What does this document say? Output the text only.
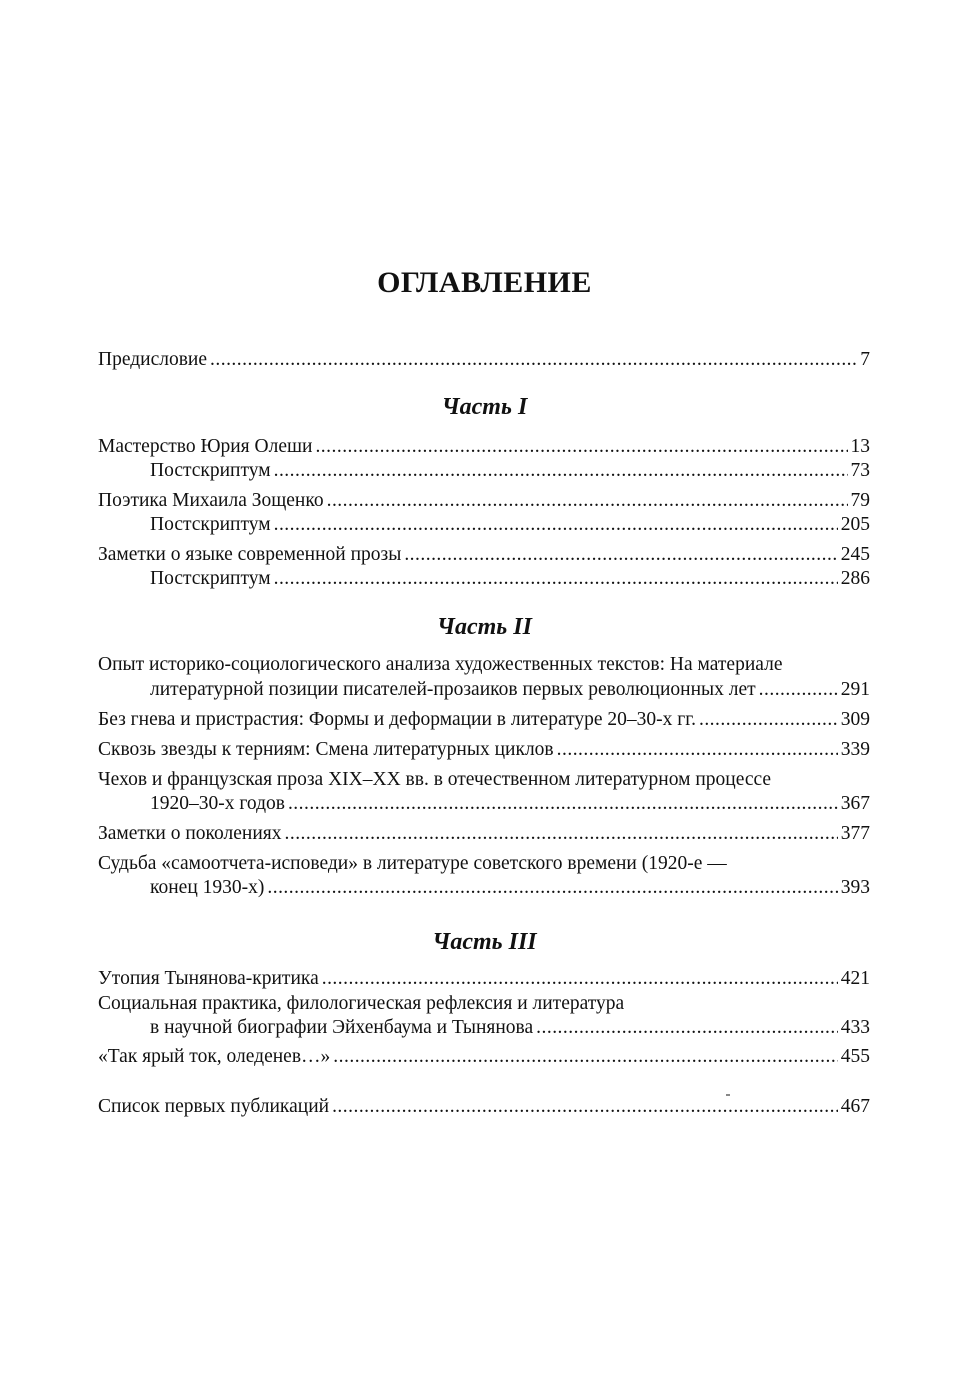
ОГЛАВЛЕНИЕ
Предисловие . . .	7
Часть I
Мастерство Юрия Олеши . . .	13
Постскриптум . . .	73
Поэтика Михаила Зощенко . . .	79
Постскриптум . . .	205
Заметки о языке современной прозы . . .	245
Постскриптум . . .	286
Часть II
Опыт историко-социологического анализа художественных текстов: На материале
литературной позиции писателей-прозаиков первых революционных лет . . .	291
Без гнева и пристрастия: Формы и деформации в литературе 20–30-х гг. . . .	309
Сквозь звезды к терниям: Смена литературных циклов . . .	339
Чехов и французская проза XIX–XX вв. в отечественном литературном процессе
1920–30-х годов . . .	367
Заметки о поколениях . . .	377
Судьба «самоотчета-исповеди» в литературе советского времени (1920-е —
конец 1930-х) . . .	393
Часть III
Утопия Тынянова-критика . . .	421
Социальная практика, филологическая рефлексия и литература
в научной биографии Эйхенбаума и Тынянова . . .	433
«Так ярый ток, оледенев…» . . .	455
Список первых публикаций . . .	467
